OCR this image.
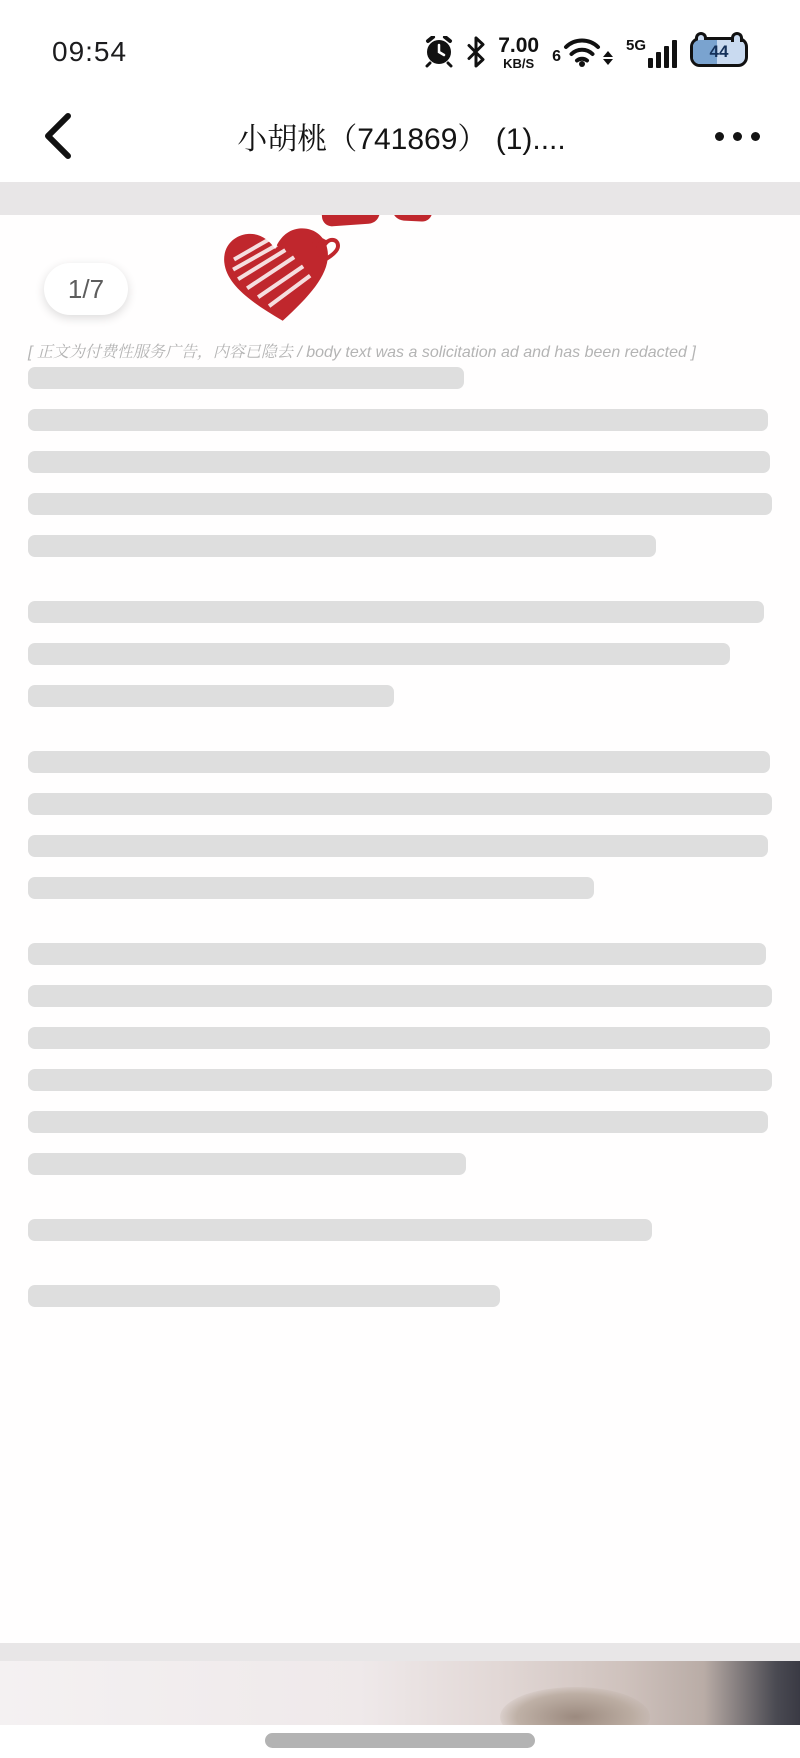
09:54	7.00
KB/S 6
5G	44
小胡桃（741869） (1)....
1/7
[ 正文为付费性服务广告，内容已隐去 / body text was a solicitation ad and has been redacted ]
